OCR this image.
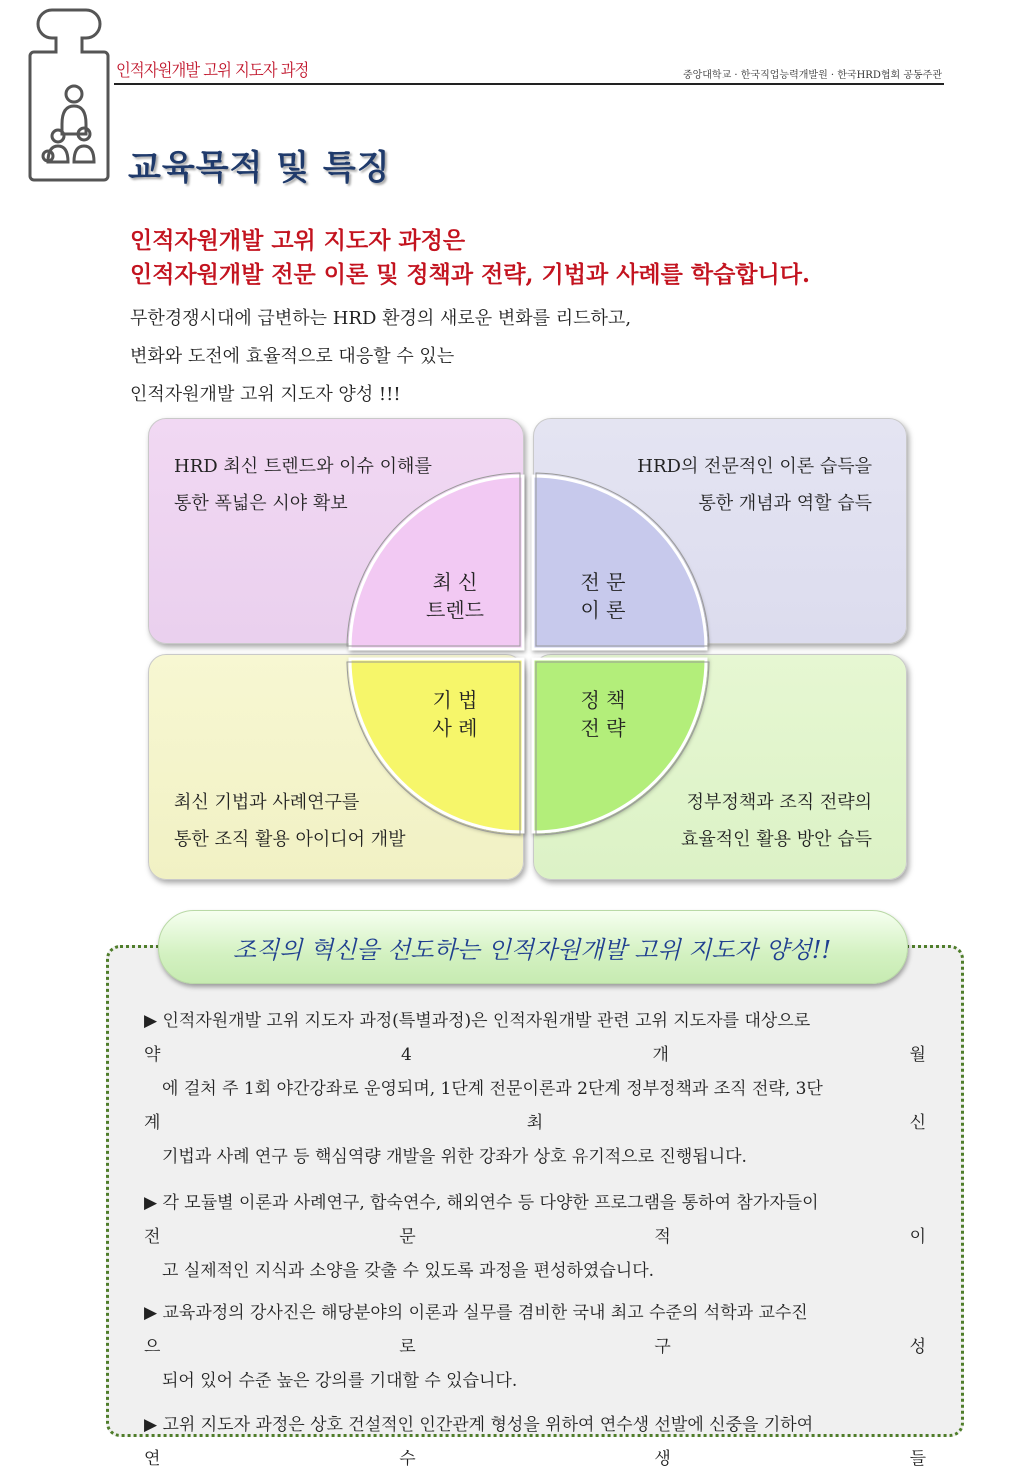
인적자원개발 고위 지도자 과정	중앙대학교 · 한국직업능력개발원 · 한국HRD협회 공동주관
교육목적 및 특징
인적자원개발 고위 지도자 과정은
인적자원개발 전문 이론 및 정책과 전략, 기법과 사례를 학습합니다.
무한경쟁시대에 급변하는 HRD 환경의 새로운 변화를 리드하고,
변화와 도전에 효율적으로 대응할 수 있는
인적자원개발 고위 지도자 양성 !!!
HRD 최신 트렌드와 이슈 이해를
통한 폭넓은 시야 확보
HRD의 전문적인 이론 습득을
통한 개념과 역할 습득
최신 기법과 사례연구를
통한 조직 활용 아이디어 개발
정부정책과 조직 전략의
효율적인 활용 방안 습득
최 신
트렌드
전 문
이 론
기 법
사 례
정 책
전 략
조직의 혁신을 선도하는 인적자원개발 고위 지도자 양성!!
▶ 인적자원개발 고위 지도자 과정(특별과정)은 인적자원개발 관련 고위 지도자를 대상으로
약	4	개	월
에 걸처 주 1회 야간강좌로 운영되며, 1단계 전문이론과 2단계 정부정책과 조직 전략, 3단
계	최	신
기법과 사례 연구 등 핵심역량 개발을 위한 강좌가 상호 유기적으로 진행됩니다.
▶ 각 모듈별 이론과 사례연구, 합숙연수, 해외연수 등 다양한 프로그램을 통하여 참가자들이
전	문	적	이
고 실제적인 지식과 소양을 갖출 수 있도록 과정을 편성하였습니다.
▶ 교육과정의 강사진은 해당분야의 이론과 실무를 겸비한 국내 최고 수준의 석학과 교수진
으	로	구	성
되어 있어 수준 높은 강의를 기대할 수 있습니다.
▶ 고위 지도자 과정은 상호 건설적인 인간관계 형성을 위하여 연수생 선발에 신중을 기하여
연	수	생	들
